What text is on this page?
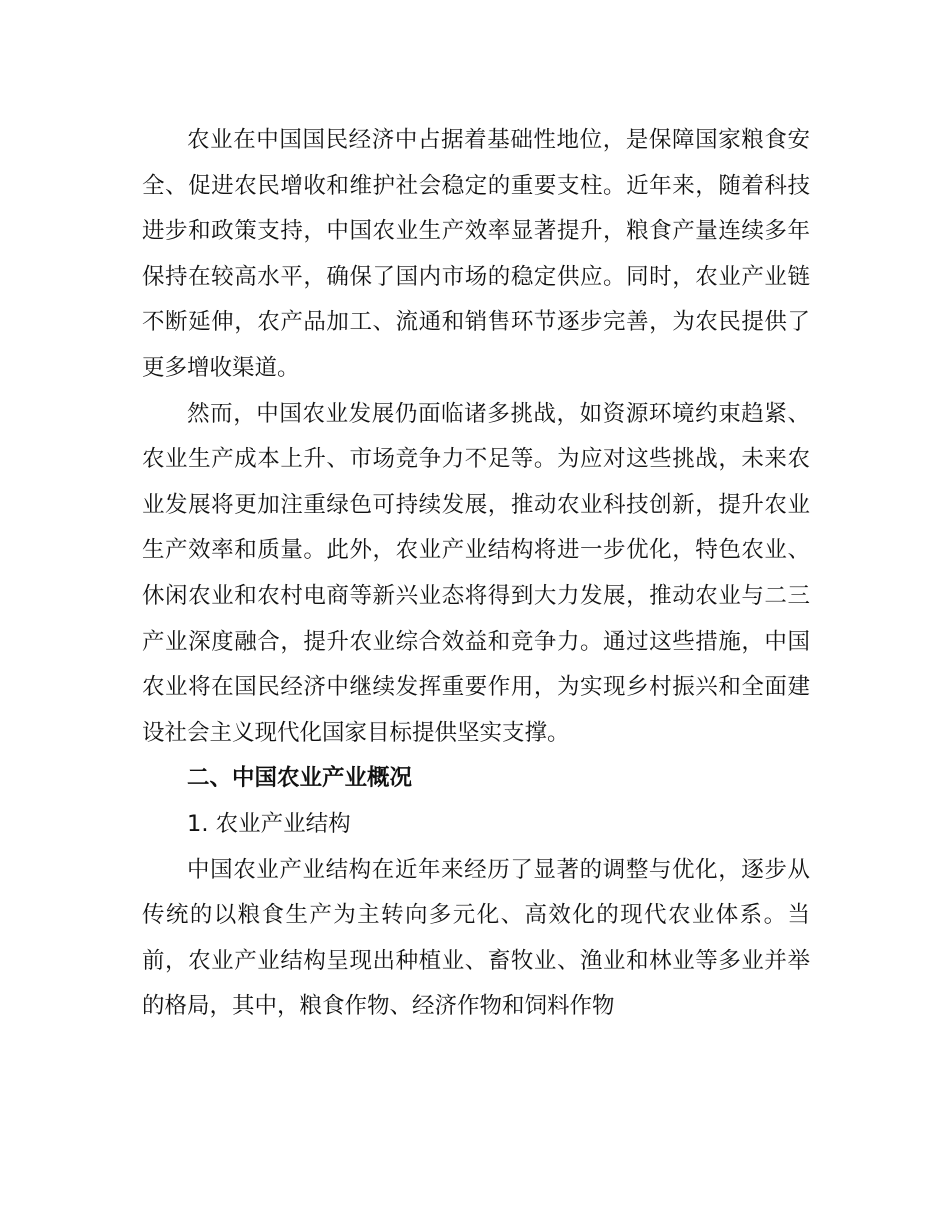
农业在中国国民经济中占据着基础性地位，是保障国家粮食安全、促进农民增收和维护社会稳定的重要支柱。近年来，随着科技进步和政策支持，中国农业生产效率显著提升，粮食产量连续多年保持在较高水平，确保了国内市场的稳定供应。同时，农业产业链不断延伸，农产品加工、流通和销售环节逐步完善，为农民提供了更多增收渠道。

然而，中国农业发展仍面临诸多挑战，如资源环境约束趋紧、农业生产成本上升、市场竞争力不足等。为应对这些挑战，未来农业发展将更加注重绿色可持续发展，推动农业科技创新，提升农业生产效率和质量。此外，农业产业结构将进一步优化，特色农业、休闲农业和农村电商等新兴业态将得到大力发展，推动农业与二三产业深度融合，提升农业综合效益和竞争力。通过这些措施，中国农业将在国民经济中继续发挥重要作用，为实现乡村振兴和全面建设社会主义现代化国家目标提供坚实支撑。

二、中国农业产业概况

1. 农业产业结构

中国农业产业结构在近年来经历了显著的调整与优化，逐步从传统的以粮食生产为主转向多元化、高效化的现代农业体系。当前，农业产业结构呈现出种植业、畜牧业、渔业和林业等多业并举的格局，其中，粮食作物、经济作物和饲料作物
